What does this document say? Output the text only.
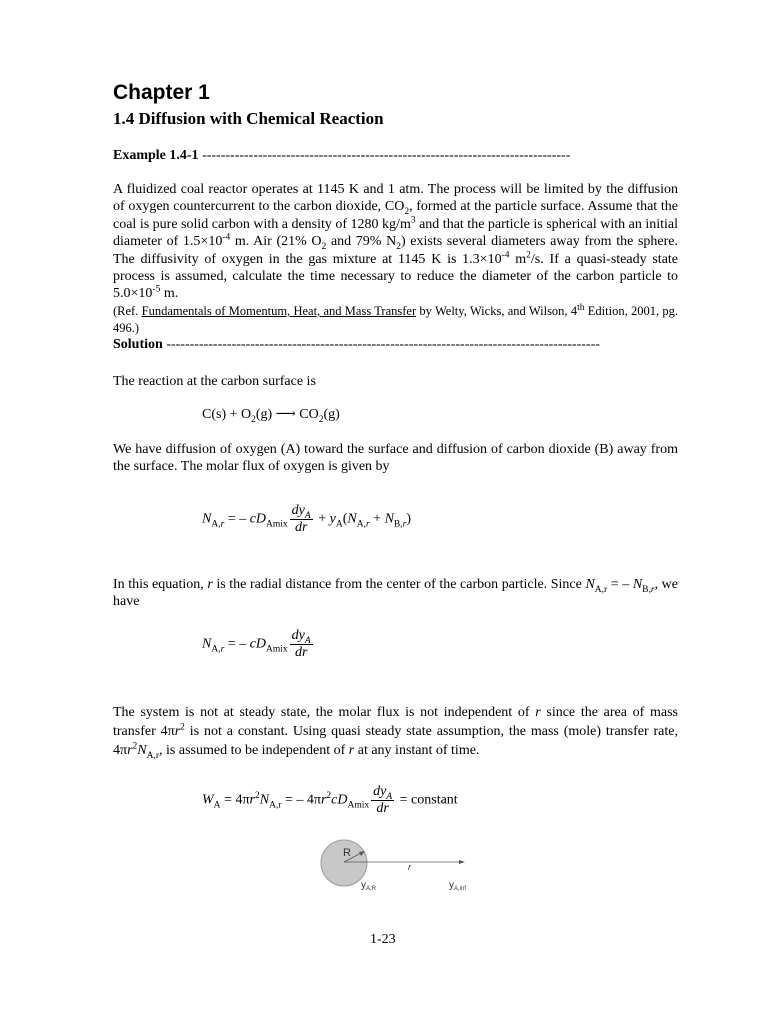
Chapter 1
1.4 Diffusion with Chemical Reaction
Example 1.4-1 -------------------------------------------------------------------------------
A fluidized coal reactor operates at 1145 K and 1 atm. The process will be limited by the diffusion of oxygen countercurrent to the carbon dioxide, $CO_2$, formed at the particle surface. Assume that the coal is pure solid carbon with a density of 1280 $kg/m^3$ and that the particle is spherical with an initial diameter of $1.5\times 10^{-4}$ m. Air (21% $O_2$ and 79% $N_2$) exists several diameters away from the sphere. The diffusivity of oxygen in the gas mixture at 1145 K is $1.3\times 10^{-4}$ $m^2/s$. If a quasi-steady state process is assumed, calculate the time necessary to reduce the diameter of the carbon particle to $5.0\times 10^{-5}$ m.
(Ref. Fundamentals of Momentum, Heat, and Mass Transfer by Welty, Wicks, and Wilson, 4th Edition, 2001, pg. 496.)
Solution ---------------------------------------------------------------------------------------------
The reaction at the carbon surface is
$C(s) + O_2(g)$ ⟶ $CO_2(g)$
We have diffusion of oxygen (A) toward the surface and diffusion of carbon dioxide (B) away from the surface. The molar flux of oxygen is given by
$N_{A,r}$ = – $cD_{Amix} \frac{dy_A}{dr} + y_A(N_{A,r} + N_{B,r})$
In this equation, r is the radial distance from the center of the carbon particle. Since $N_{A,r}$ = – $N_{B,r}$, we have
$N_{A,r}$ = – $cD_{Amix} \frac{dy_A}{dr}$
The system is not at steady state, the molar flux is not independent of r since the area of mass transfer $4\pi r^2$ is not a constant. Using quasi steady state assumption, the mass (mole) transfer rate, $4\pi r^2N_{A,r}$, is assumed to be independent of r at any instant of time.
$W_A = 4\pi r^2N_{A,r}$ = – $4\pi r^2cD_{Amix} \frac{dy_A}{dr}$ = constant
R
r
$y_{A,R}$	$y_{A,inf}$
1-23
